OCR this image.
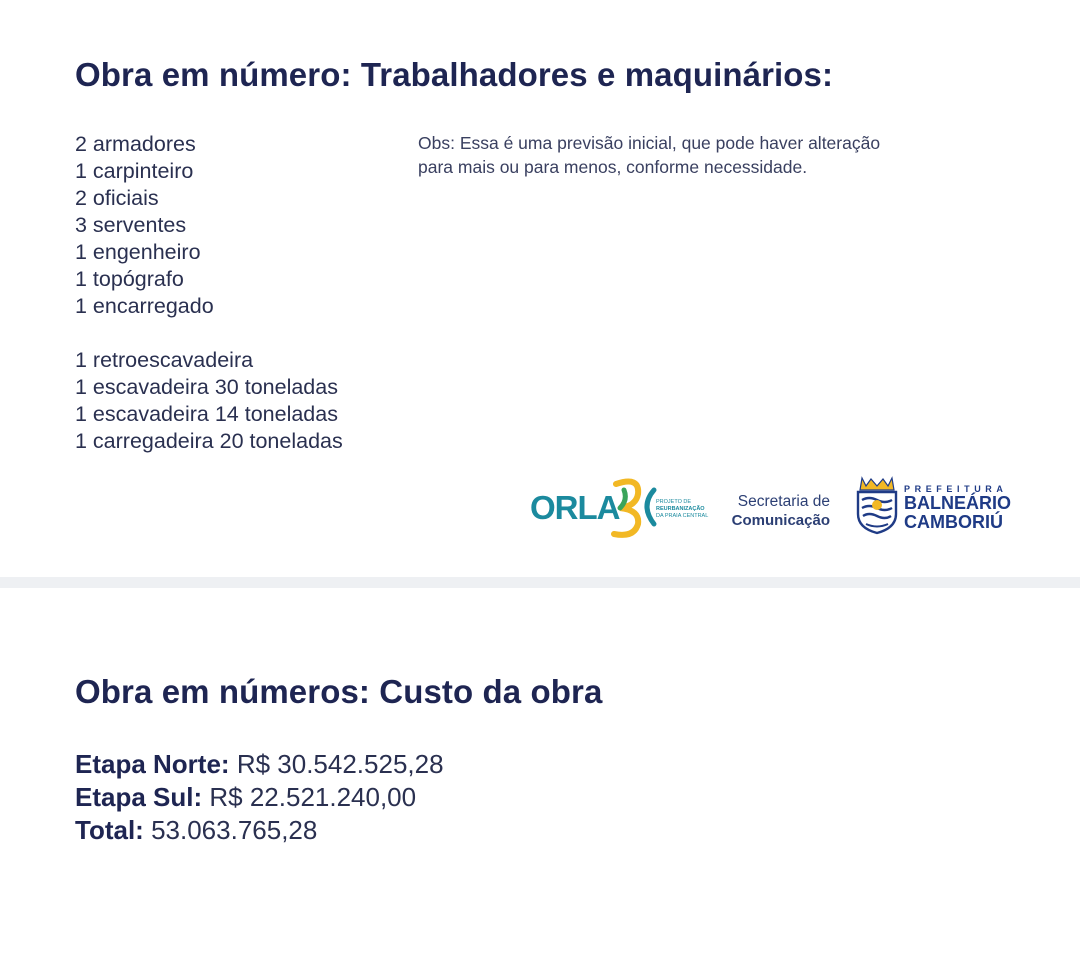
Obra em número: Trabalhadores e maquinários:
2 armadores
1 carpinteiro
2 oficiais
3 serventes
1 engenheiro
1 topógrafo
1 encarregado
1 retroescavadeira
1 escavadeira 30 toneladas
1 escavadeira 14 toneladas
1 carregadeira 20 toneladas

Obs: Essa é uma previsão inicial, que pode haver alteração para mais ou para menos, conforme necessidade.

ORLA	PROJETO DE
REURBANIZAÇÃO
DA PRAIA CENTRAL
Secretaria de
Comunicação
PREFEITURA
BALNEÁRIO
CAMBORIÚ
Obra em números: Custo da obra
Etapa Norte: R$ 30.542.525,28
Etapa Sul: R$ 22.521.240,00
Total: 53.063.765,28
